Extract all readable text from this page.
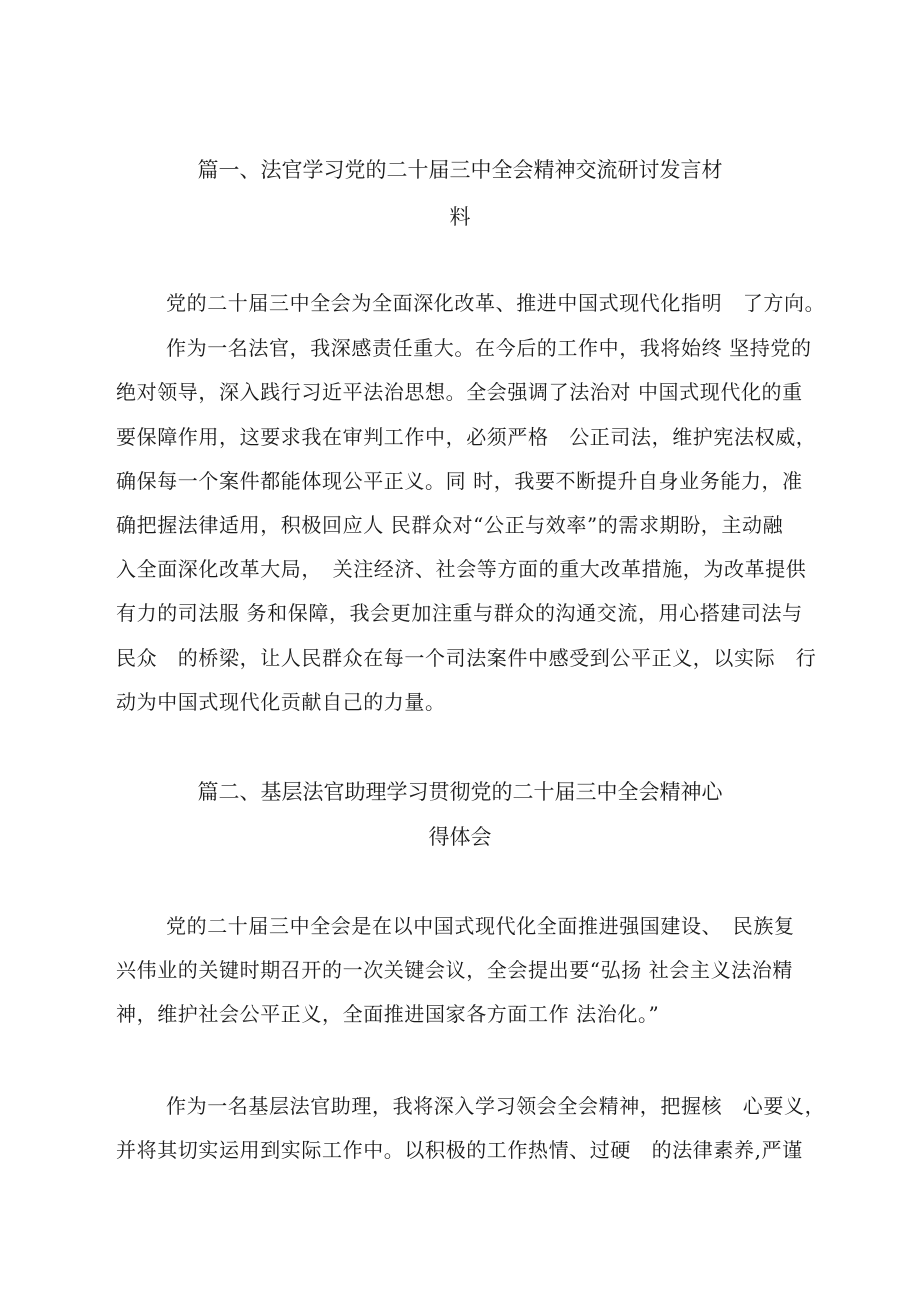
篇一、法官学习党的二十届三中全会精神交流研讨发言材
料
党的二十届三中全会为全面深化改革、推进中国式现代化指明　了方向。
作为一名法官，我深感责任重大。在今后的工作中，我将始终 坚持党的
绝对领导，深入践行习近平法治思想。全会强调了法治对 中国式现代化的重
要保障作用，这要求我在审判工作中，必须严格　公正司法，维护宪法权威，
确保每一个案件都能体现公平正义。同 时，我要不断提升自身业务能力，准
确把握法律适用，积极回应人 民群众对“公正与效率”的需求期盼，主动融
入全面深化改革大局，　关注经济、社会等方面的重大改革措施，为改革提供
有力的司法服 务和保障，我会更加注重与群众的沟通交流，用心搭建司法与
民众　的桥梁，让人民群众在每一个司法案件中感受到公平正义，以实际　行
动为中国式现代化贡献自己的力量。
篇二、基层法官助理学习贯彻党的二十届三中全会精神心
得体会
党的二十届三中全会是在以中国式现代化全面推进强国建设、　民族复
兴伟业的关键时期召开的一次关键会议，全会提出要“弘扬 社会主义法治精
神，维护社会公平正义，全面推进国家各方面工作 法治化。”
作为一名基层法官助理，我将深入学习领会全会精神，把握核　心要义，
并将其切实运用到实际工作中。以积极的工作热情、过硬　的法律素养,严谨
